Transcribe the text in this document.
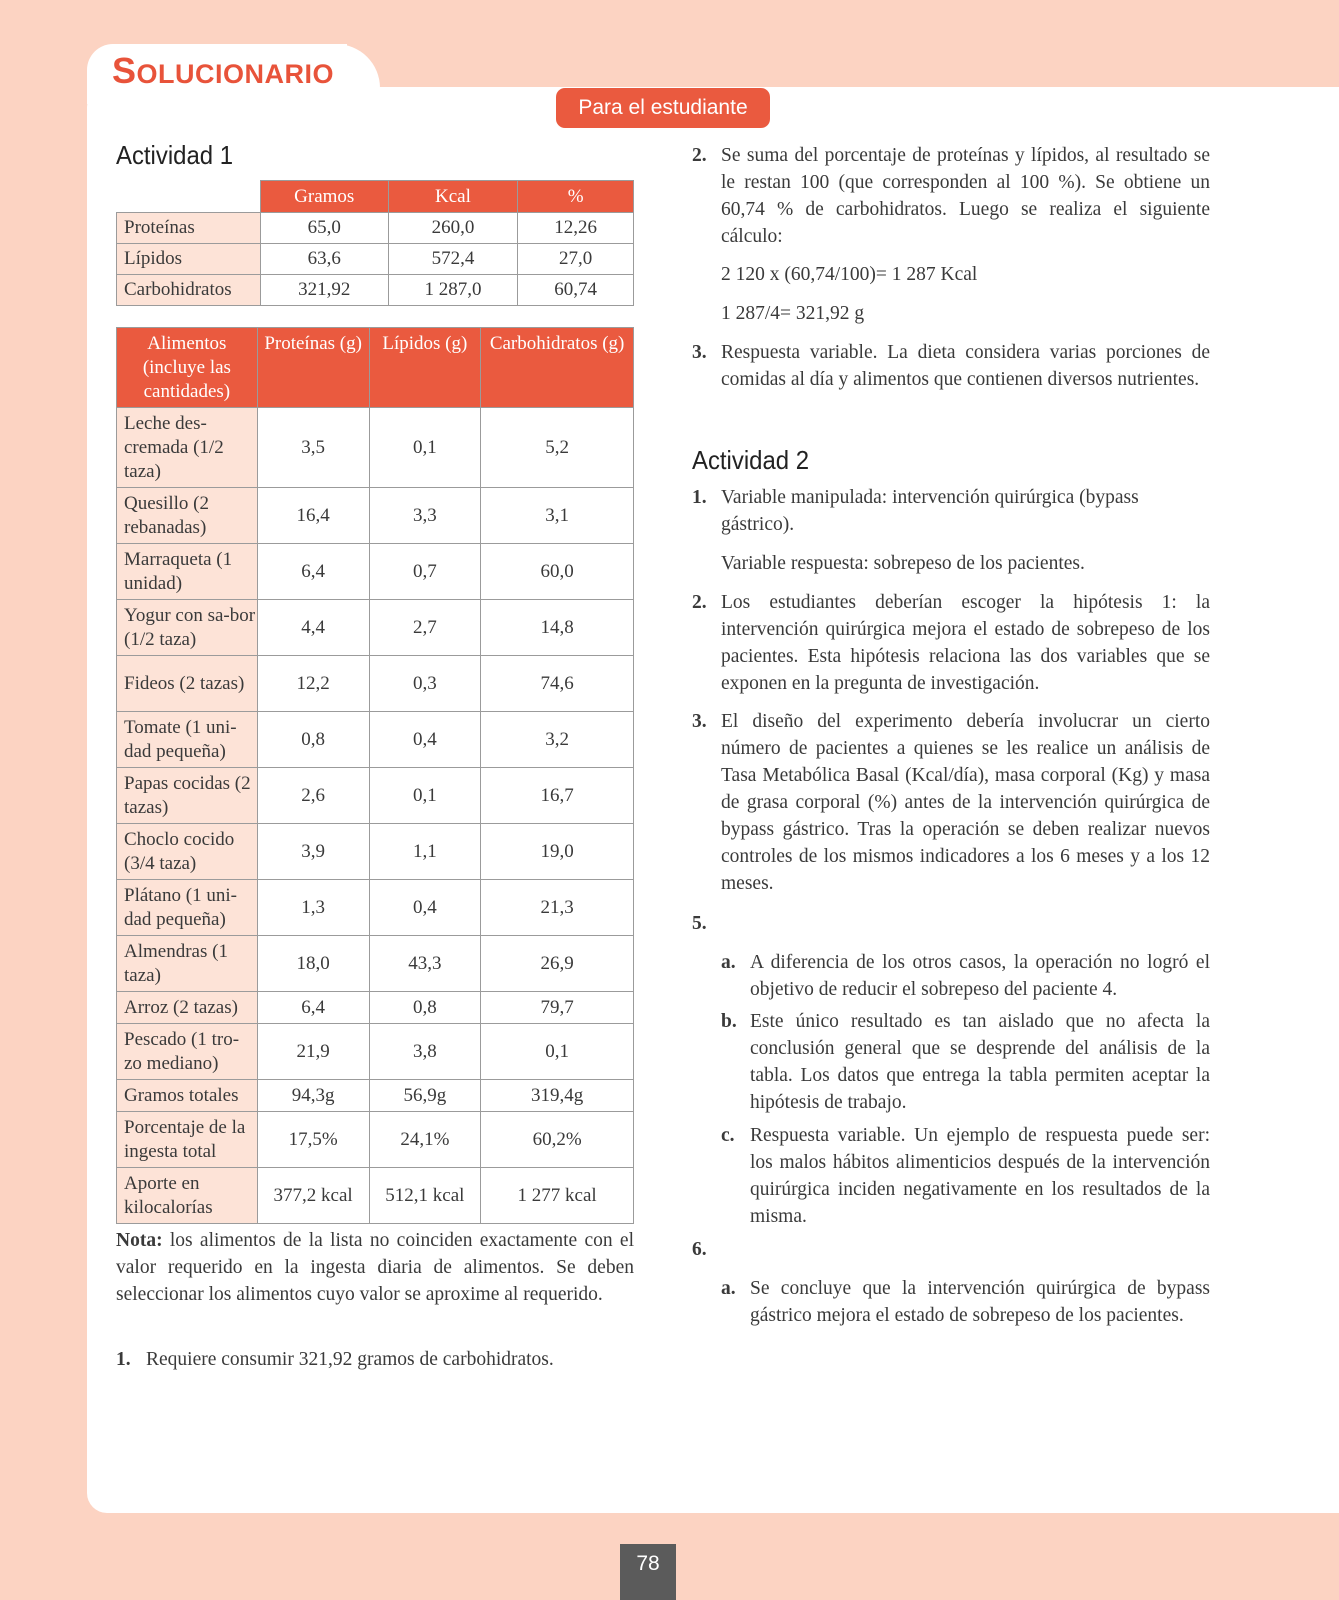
SOLUCIONARIO
Para el estudiante
Actividad 1
	Gramos	Kcal	%
Proteínas	65,0	260,0	12,26
Lípidos	63,6	572,4	27,0
Carbohidratos	321,92	1 287,0	60,74
Alimentos (incluye las cantidades)	Proteínas (g)	Lípidos (g)	Carbohidratos (g)
Leche des-cremada (1/2 taza)	3,5	0,1	5,2
Quesillo (2 rebanadas)	16,4	3,3	3,1
Marraqueta (1 unidad)	6,4	0,7	60,0
Yogur con sa-bor (1/2 taza)	4,4	2,7	14,8
Fideos (2 tazas)	12,2	0,3	74,6
Tomate (1 uni-dad pequeña)	0,8	0,4	3,2
Papas cocidas (2 tazas)	2,6	0,1	16,7
Choclo cocido (3/4 taza)	3,9	1,1	19,0
Plátano (1 uni-dad pequeña)	1,3	0,4	21,3
Almendras (1 taza)	18,0	43,3	26,9
Arroz (2 tazas)	6,4	0,8	79,7
Pescado (1 tro-zo mediano)	21,9	3,8	0,1
Gramos totales	94,3g	56,9g	319,4g
Porcentaje de la ingesta total	17,5%	24,1%	60,2%
Aporte en kilocalorías	377,2 kcal	512,1 kcal	1 277 kcal

Nota: los alimentos de la lista no coinciden exactamente con el valor requerido en la ingesta diaria de alimentos. Se deben seleccionar los alimentos cuyo valor se aproxime al requerido.

1. Requiere consumir 321,92 gramos de carbohidratos.

2. Se suma del porcentaje de proteínas y lípidos, al resultado se le restan 100 (que corresponden al 100 %). Se obtiene un 60,74 % de carbohidratos. Luego se realiza el siguiente cálculo:

2 120 x (60,74/100)= 1 287 Kcal

1 287/4= 321,92 g

3. Respuesta variable. La dieta considera varias porciones de comidas al día y alimentos que contienen diversos nutrientes.

Actividad 2
1. Variable manipulada: intervención quirúrgica (bypass gástrico).

Variable respuesta: sobrepeso de los pacientes.

2. Los estudiantes deberían escoger la hipótesis 1: la intervención quirúrgica mejora el estado de sobrepeso de los pacientes. Esta hipótesis relaciona las dos variables que se exponen en la pregunta de investigación.

3. El diseño del experimento debería involucrar un cierto número de pacientes a quienes se les realice un análisis de Tasa Metabólica Basal (Kcal/día), masa corporal (Kg) y masa de grasa corporal (%) antes de la intervención quirúrgica de bypass gástrico. Tras la operación se deben realizar nuevos controles de los mismos indicadores a los 6 meses y a los 12 meses.

5.
a. A diferencia de los otros casos, la operación no logró el objetivo de reducir el sobrepeso del paciente 4.

b. Este único resultado es tan aislado que no afecta la conclusión general que se desprende del análisis de la tabla. Los datos que entrega la tabla permiten aceptar la hipótesis de trabajo.

c. Respuesta variable. Un ejemplo de respuesta puede ser: los malos hábitos alimenticios después de la intervención quirúrgica inciden negativamente en los resultados de la misma.

6.
a. Se concluye que la intervención quirúrgica de bypass gástrico mejora el estado de sobrepeso de los pacientes.

78
